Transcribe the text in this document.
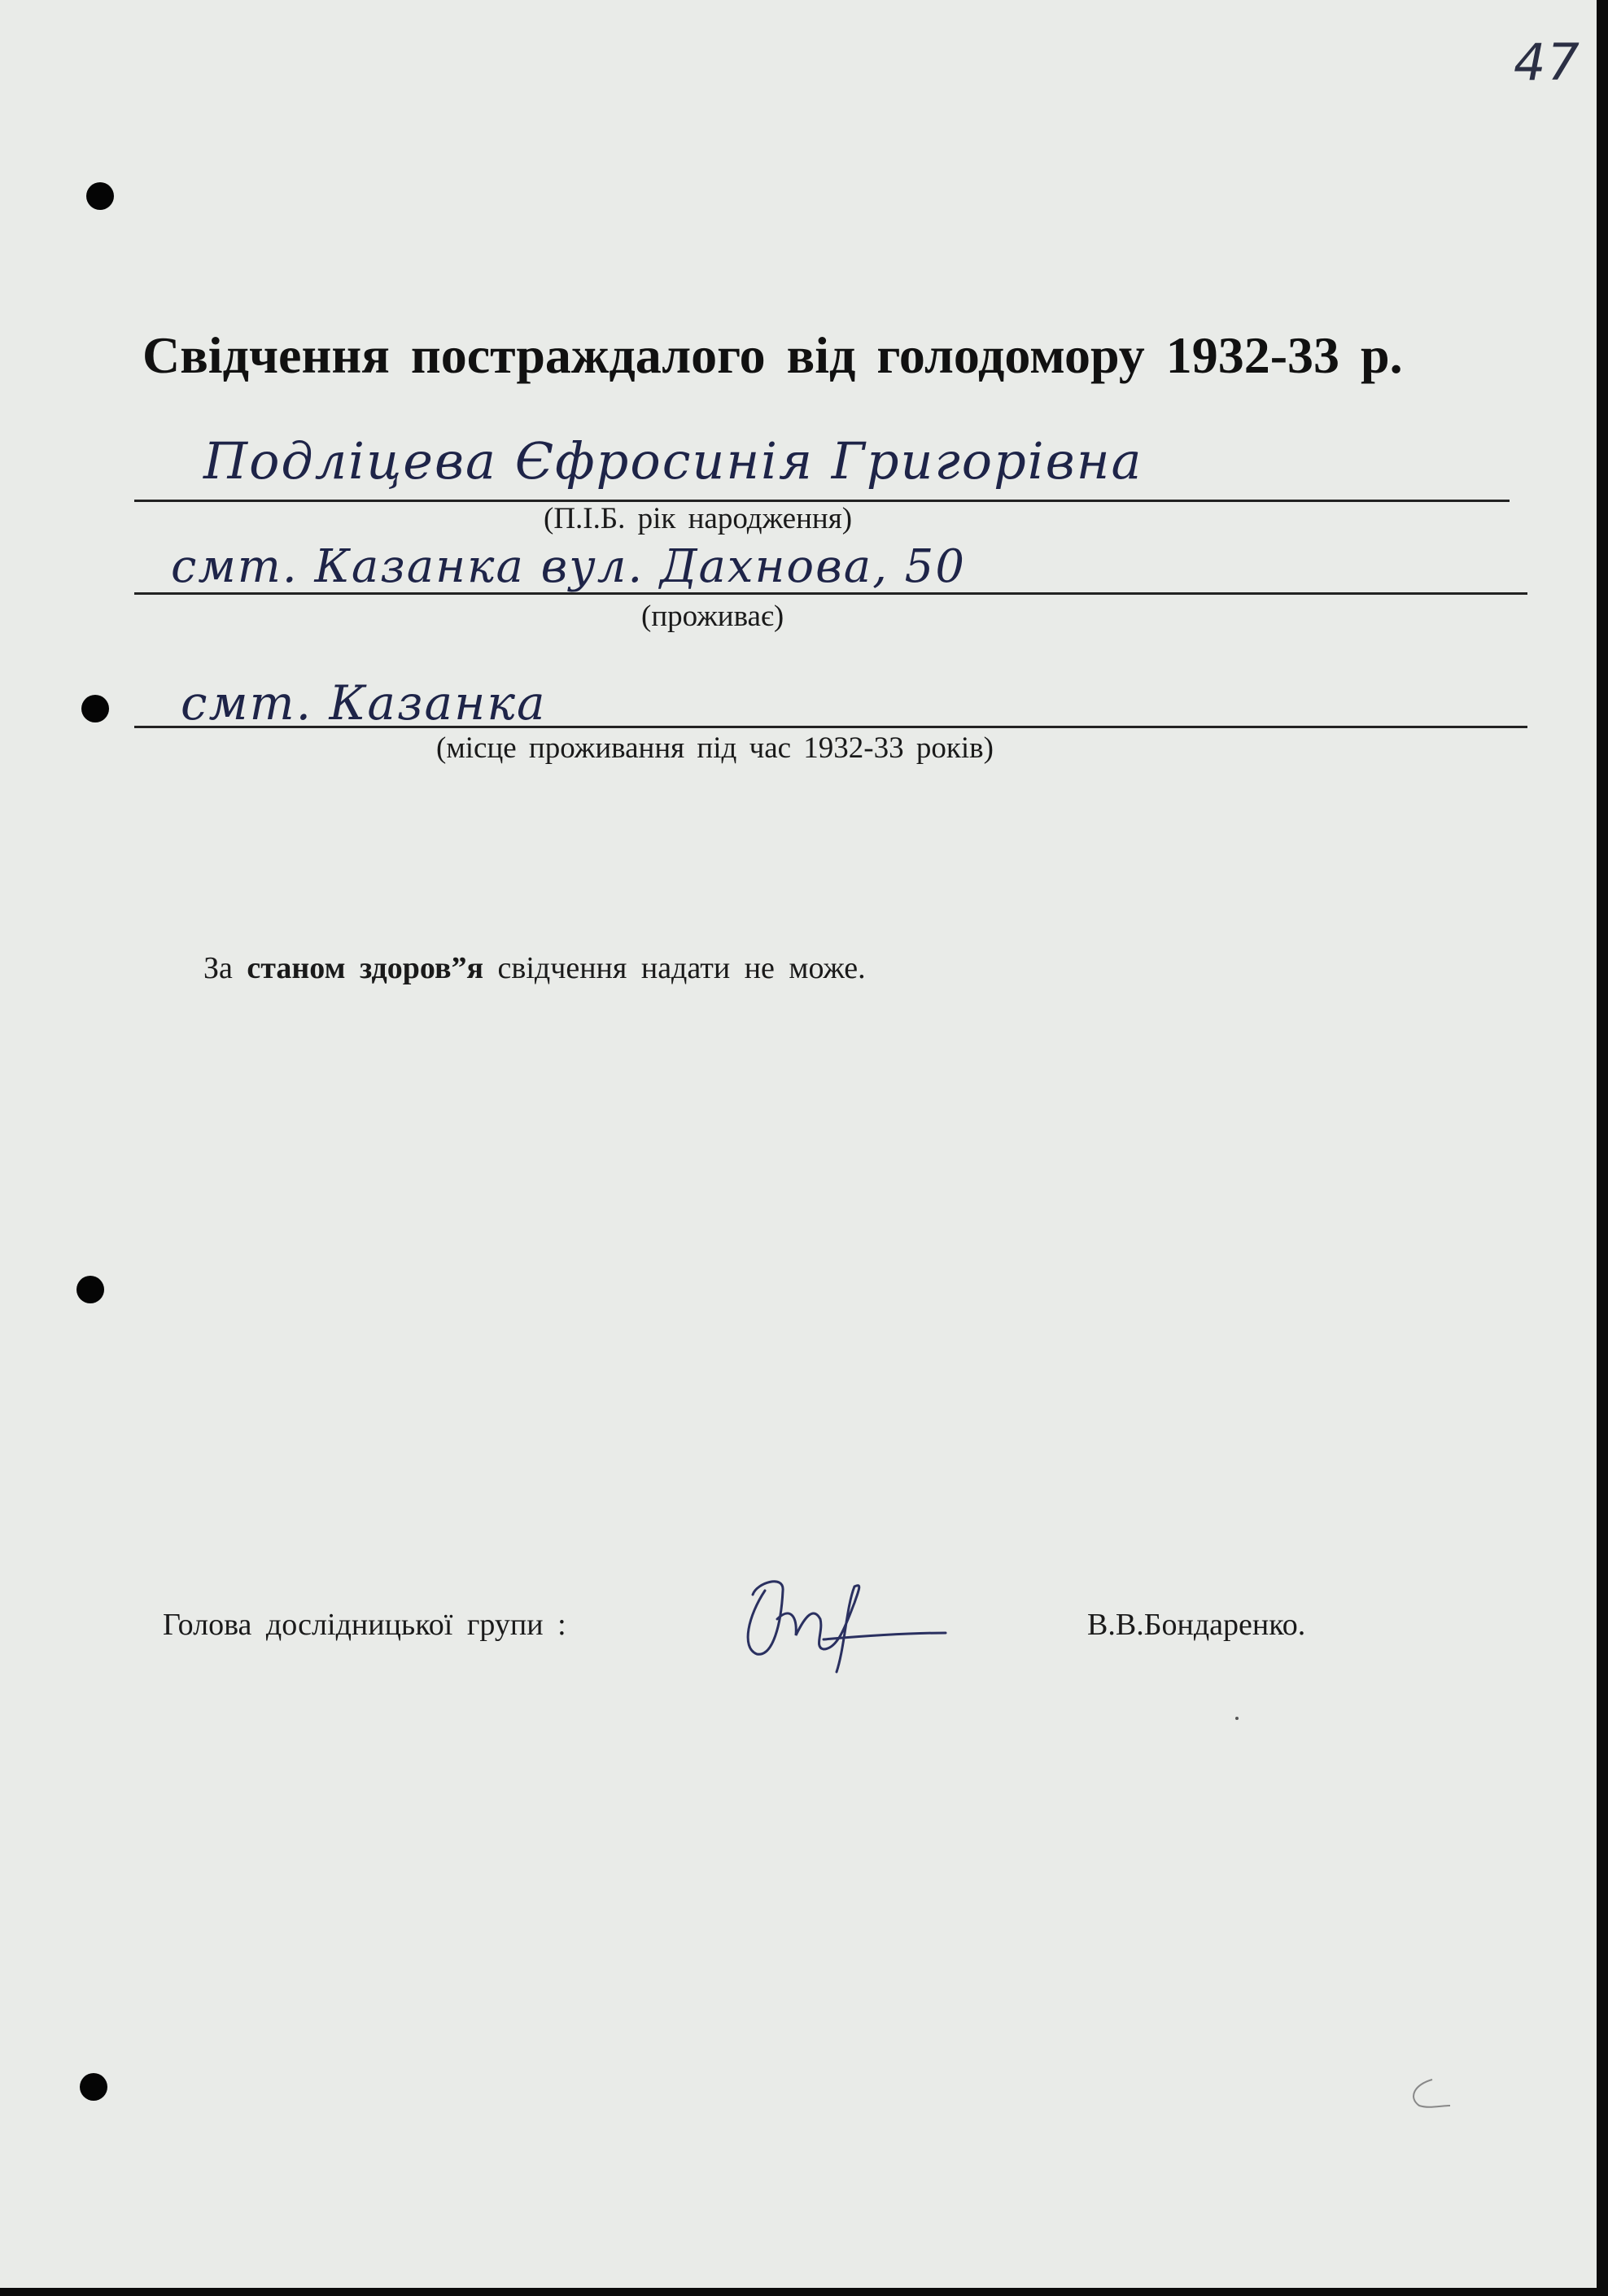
47
Свідчення постраждалого від голодомору 1932-33 р.
Подліцева Єфросинія Григорівна
(П.І.Б. рік народження)
смт. Казанка вул. Дахнова, 50
(проживає)
смт. Казанка
(місце проживання під час 1932-33 років)
За станом здоров”я свідчення надати не може.
Голова дослідницької групи :	В.В.Бондаренко.
